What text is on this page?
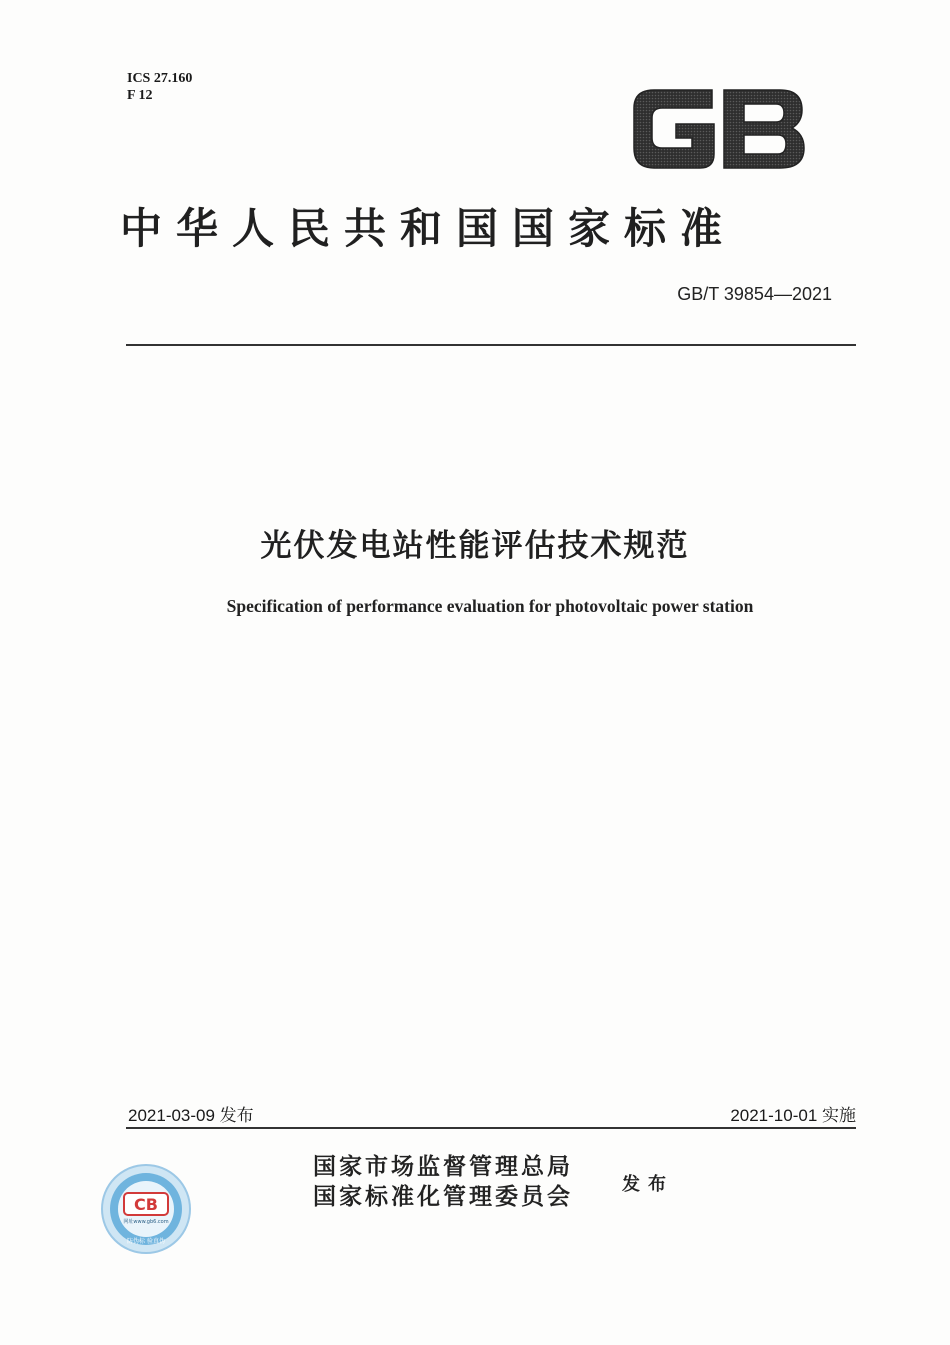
ICS 27.160
F 12
中华人民共和国国家标准
GB/T 39854—2021
光伏发电站性能评估技术规范
Specification of performance evaluation for photovoltaic power station
2021-03-09 发布	2021-10-01 实施
CB
网址www.gb6.com
防伪标 验真伪
国家市场监督管理总局
国家标准化管理委员会	发布
